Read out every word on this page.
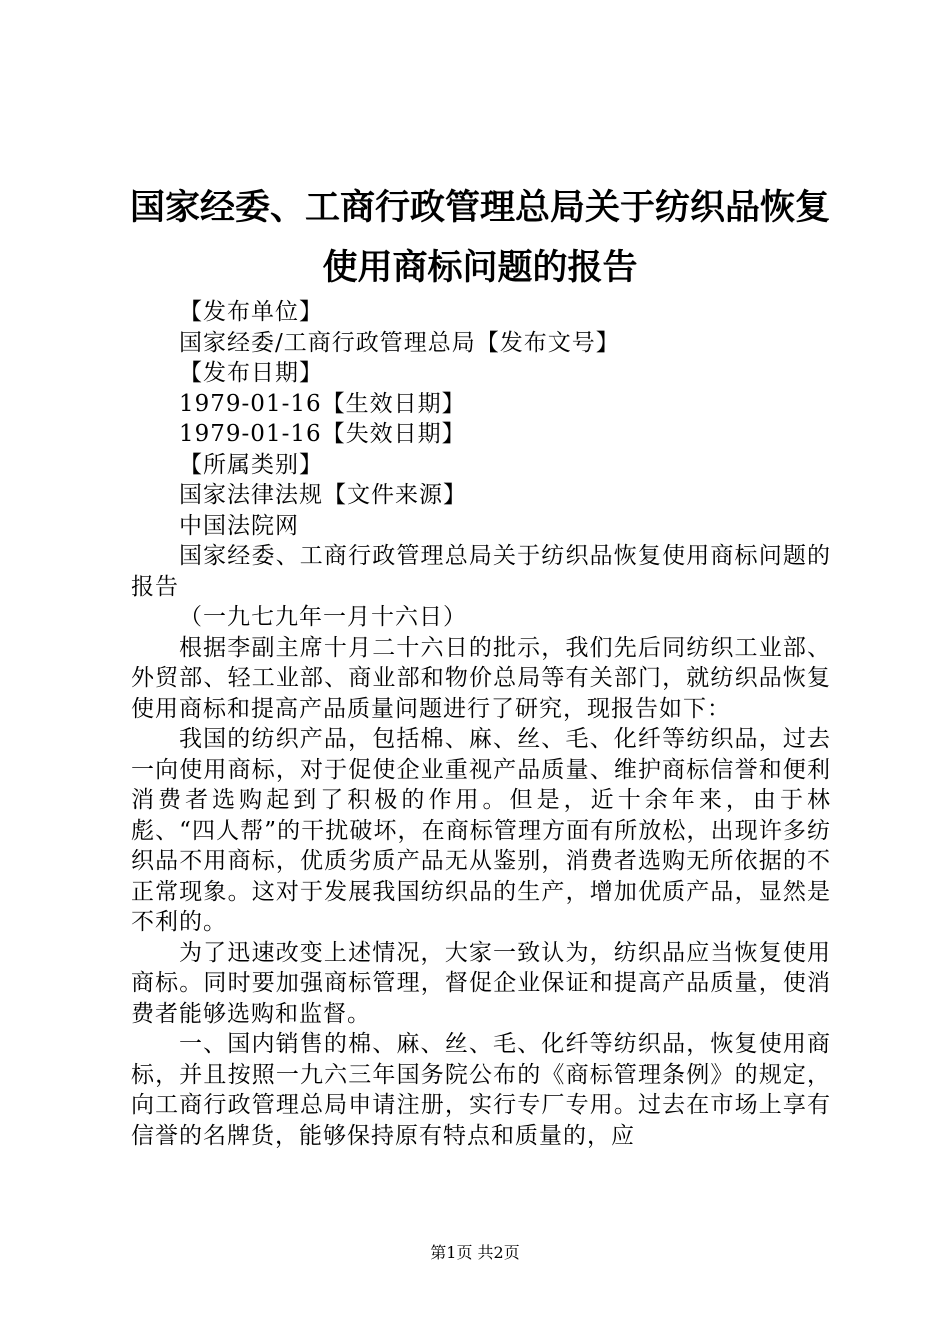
国家经委、工商行政管理总局关于纺织品恢复
使用商标问题的报告

【发布单位】

国家经委/工商行政管理总局【发布文号】

【发布日期】

1979-01-16【生效日期】

1979-01-16【失效日期】

【所属类别】

国家法律法规【文件来源】

中国法院网

国家经委、工商行政管理总局关于纺织品恢复使用商标问题的报告

（一九七九年一月十六日）

根据李副主席十月二十六日的批示，我们先后同纺织工业部、外贸部、轻工业部、商业部和物价总局等有关部门，就纺织品恢复使用商标和提高产品质量问题进行了研究，现报告如下：

我国的纺织产品，包括棉、麻、丝、毛、化纤等纺织品，过去一向使用商标，对于促使企业重视产品质量、维护商标信誉和便利消费者选购起到了积极的作用。但是，近十余年来，由于林彪、“四人帮”的干扰破坏，在商标管理方面有所放松，出现许多纺织品不用商标，优质劣质产品无从鉴别，消费者选购无所依据的不正常现象。这对于发展我国纺织品的生产，增加优质产品，显然是不利的。

为了迅速改变上述情况，大家一致认为，纺织品应当恢复使用商标。同时要加强商标管理，督促企业保证和提高产品质量，使消费者能够选购和监督。

一、国内销售的棉、麻、丝、毛、化纤等纺织品，恢复使用商标，并且按照一九六三年国务院公布的《商标管理条例》的规定，向工商行政管理总局申请注册，实行专厂专用。过去在市场上享有信誉的名牌货，能够保持原有特点和质量的，应

第1页 共2页
